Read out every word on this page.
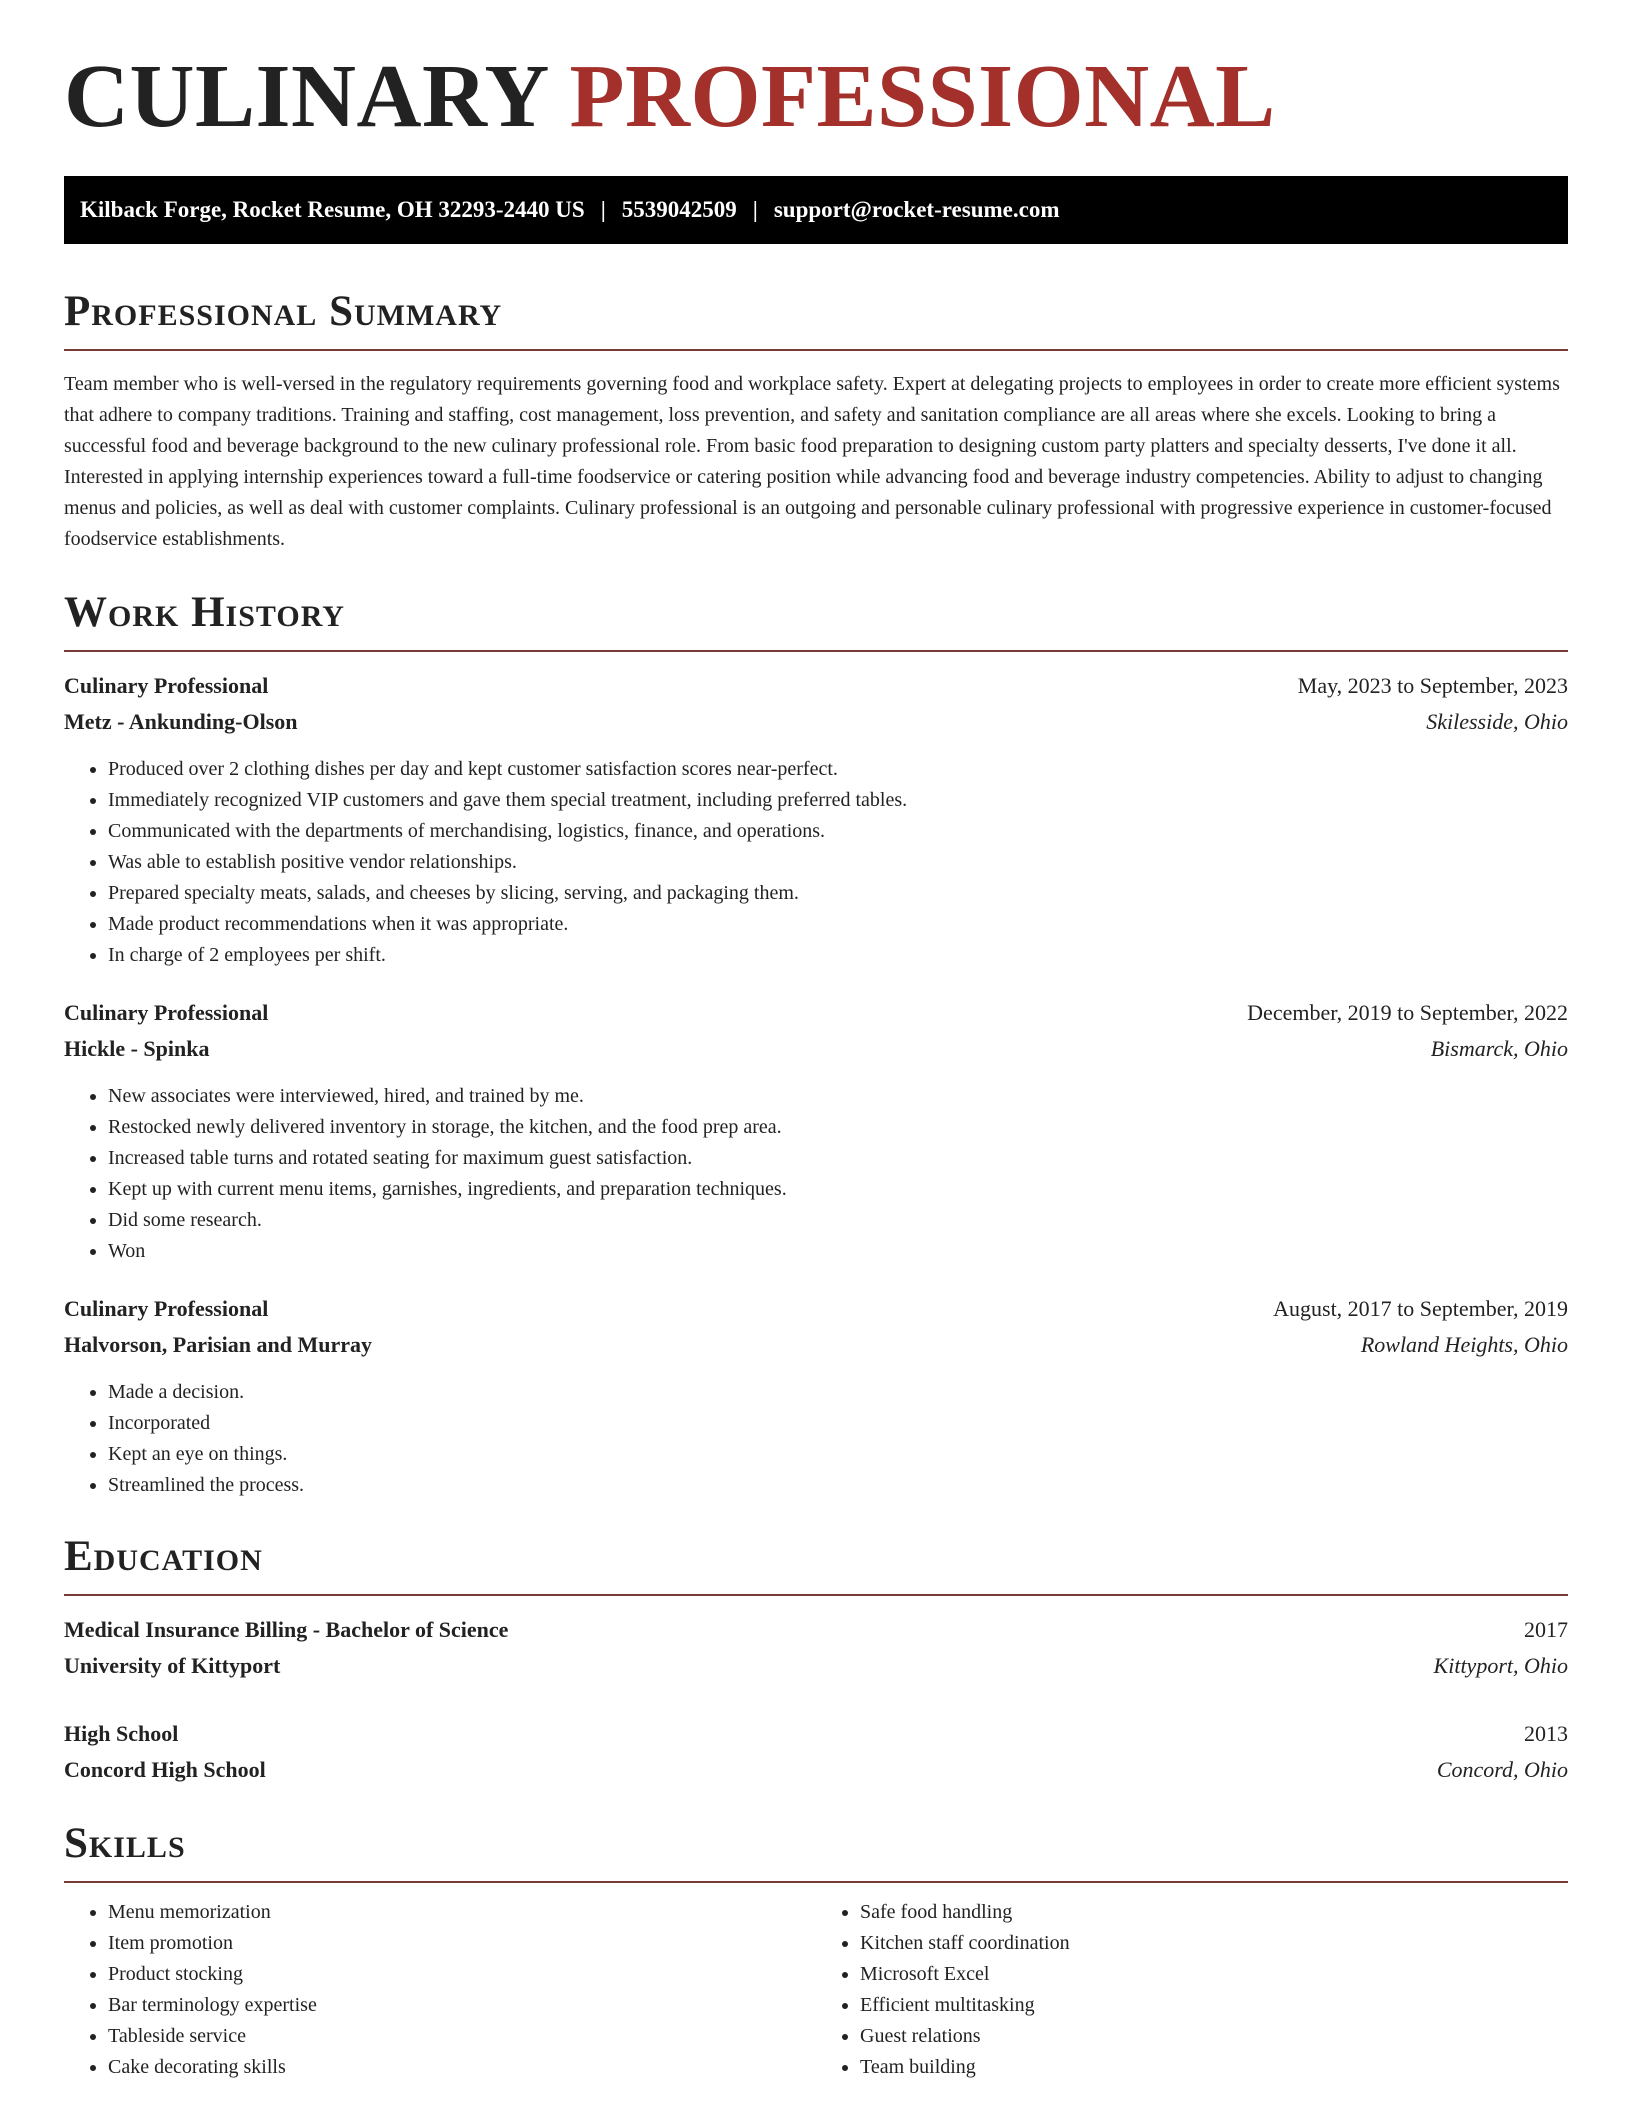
CULINARY PROFESSIONAL
Kilback Forge, Rocket Resume, OH 32293-2440 US | 5539042509 | support@rocket-resume.com
Professional Summary

Team member who is well-versed in the regulatory requirements governing food and workplace safety. Expert at delegating projects to employees in order to create more efficient systems that adhere to company traditions. Training and staffing, cost management, loss prevention, and safety and sanitation compliance are all areas where she excels. Looking to bring a successful food and beverage background to the new culinary professional role. From basic food preparation to designing custom party platters and specialty desserts, I've done it all. Interested in applying internship experiences toward a full-time foodservice or catering position while advancing food and beverage industry competencies. Ability to adjust to changing menus and policies, as well as deal with customer complaints. Culinary professional is an outgoing and personable culinary professional with progressive experience in customer-focused foodservice establishments.

Work History
Culinary Professional	May, 2023 to September, 2023
Metz - Ankunding-Olson	Skilesside, Ohio
• Produced over 2 clothing dishes per day and kept customer satisfaction scores near-perfect.
• Immediately recognized VIP customers and gave them special treatment, including preferred tables.
• Communicated with the departments of merchandising, logistics, finance, and operations.
• Was able to establish positive vendor relationships.
• Prepared specialty meats, salads, and cheeses by slicing, serving, and packaging them.
• Made product recommendations when it was appropriate.
• In charge of 2 employees per shift.
Culinary Professional	December, 2019 to September, 2022
Hickle - Spinka	Bismarck, Ohio
• New associates were interviewed, hired, and trained by me.
• Restocked newly delivered inventory in storage, the kitchen, and the food prep area.
• Increased table turns and rotated seating for maximum guest satisfaction.
• Kept up with current menu items, garnishes, ingredients, and preparation techniques.
• Did some research.
• Won
Culinary Professional	August, 2017 to September, 2019
Halvorson, Parisian and Murray	Rowland Heights, Ohio
• Made a decision.
• Incorporated
• Kept an eye on things.
• Streamlined the process.
Education
Medical Insurance Billing - Bachelor of Science	2017
University of Kittyport	Kittyport, Ohio
High School	2013
Concord High School	Concord, Ohio
Skills
• Menu memorization
• Item promotion
• Product stocking
• Bar terminology expertise
• Tableside service
• Cake decorating skills
• Safe food handling
• Kitchen staff coordination
• Microsoft Excel
• Efficient multitasking
• Guest relations
• Team building
